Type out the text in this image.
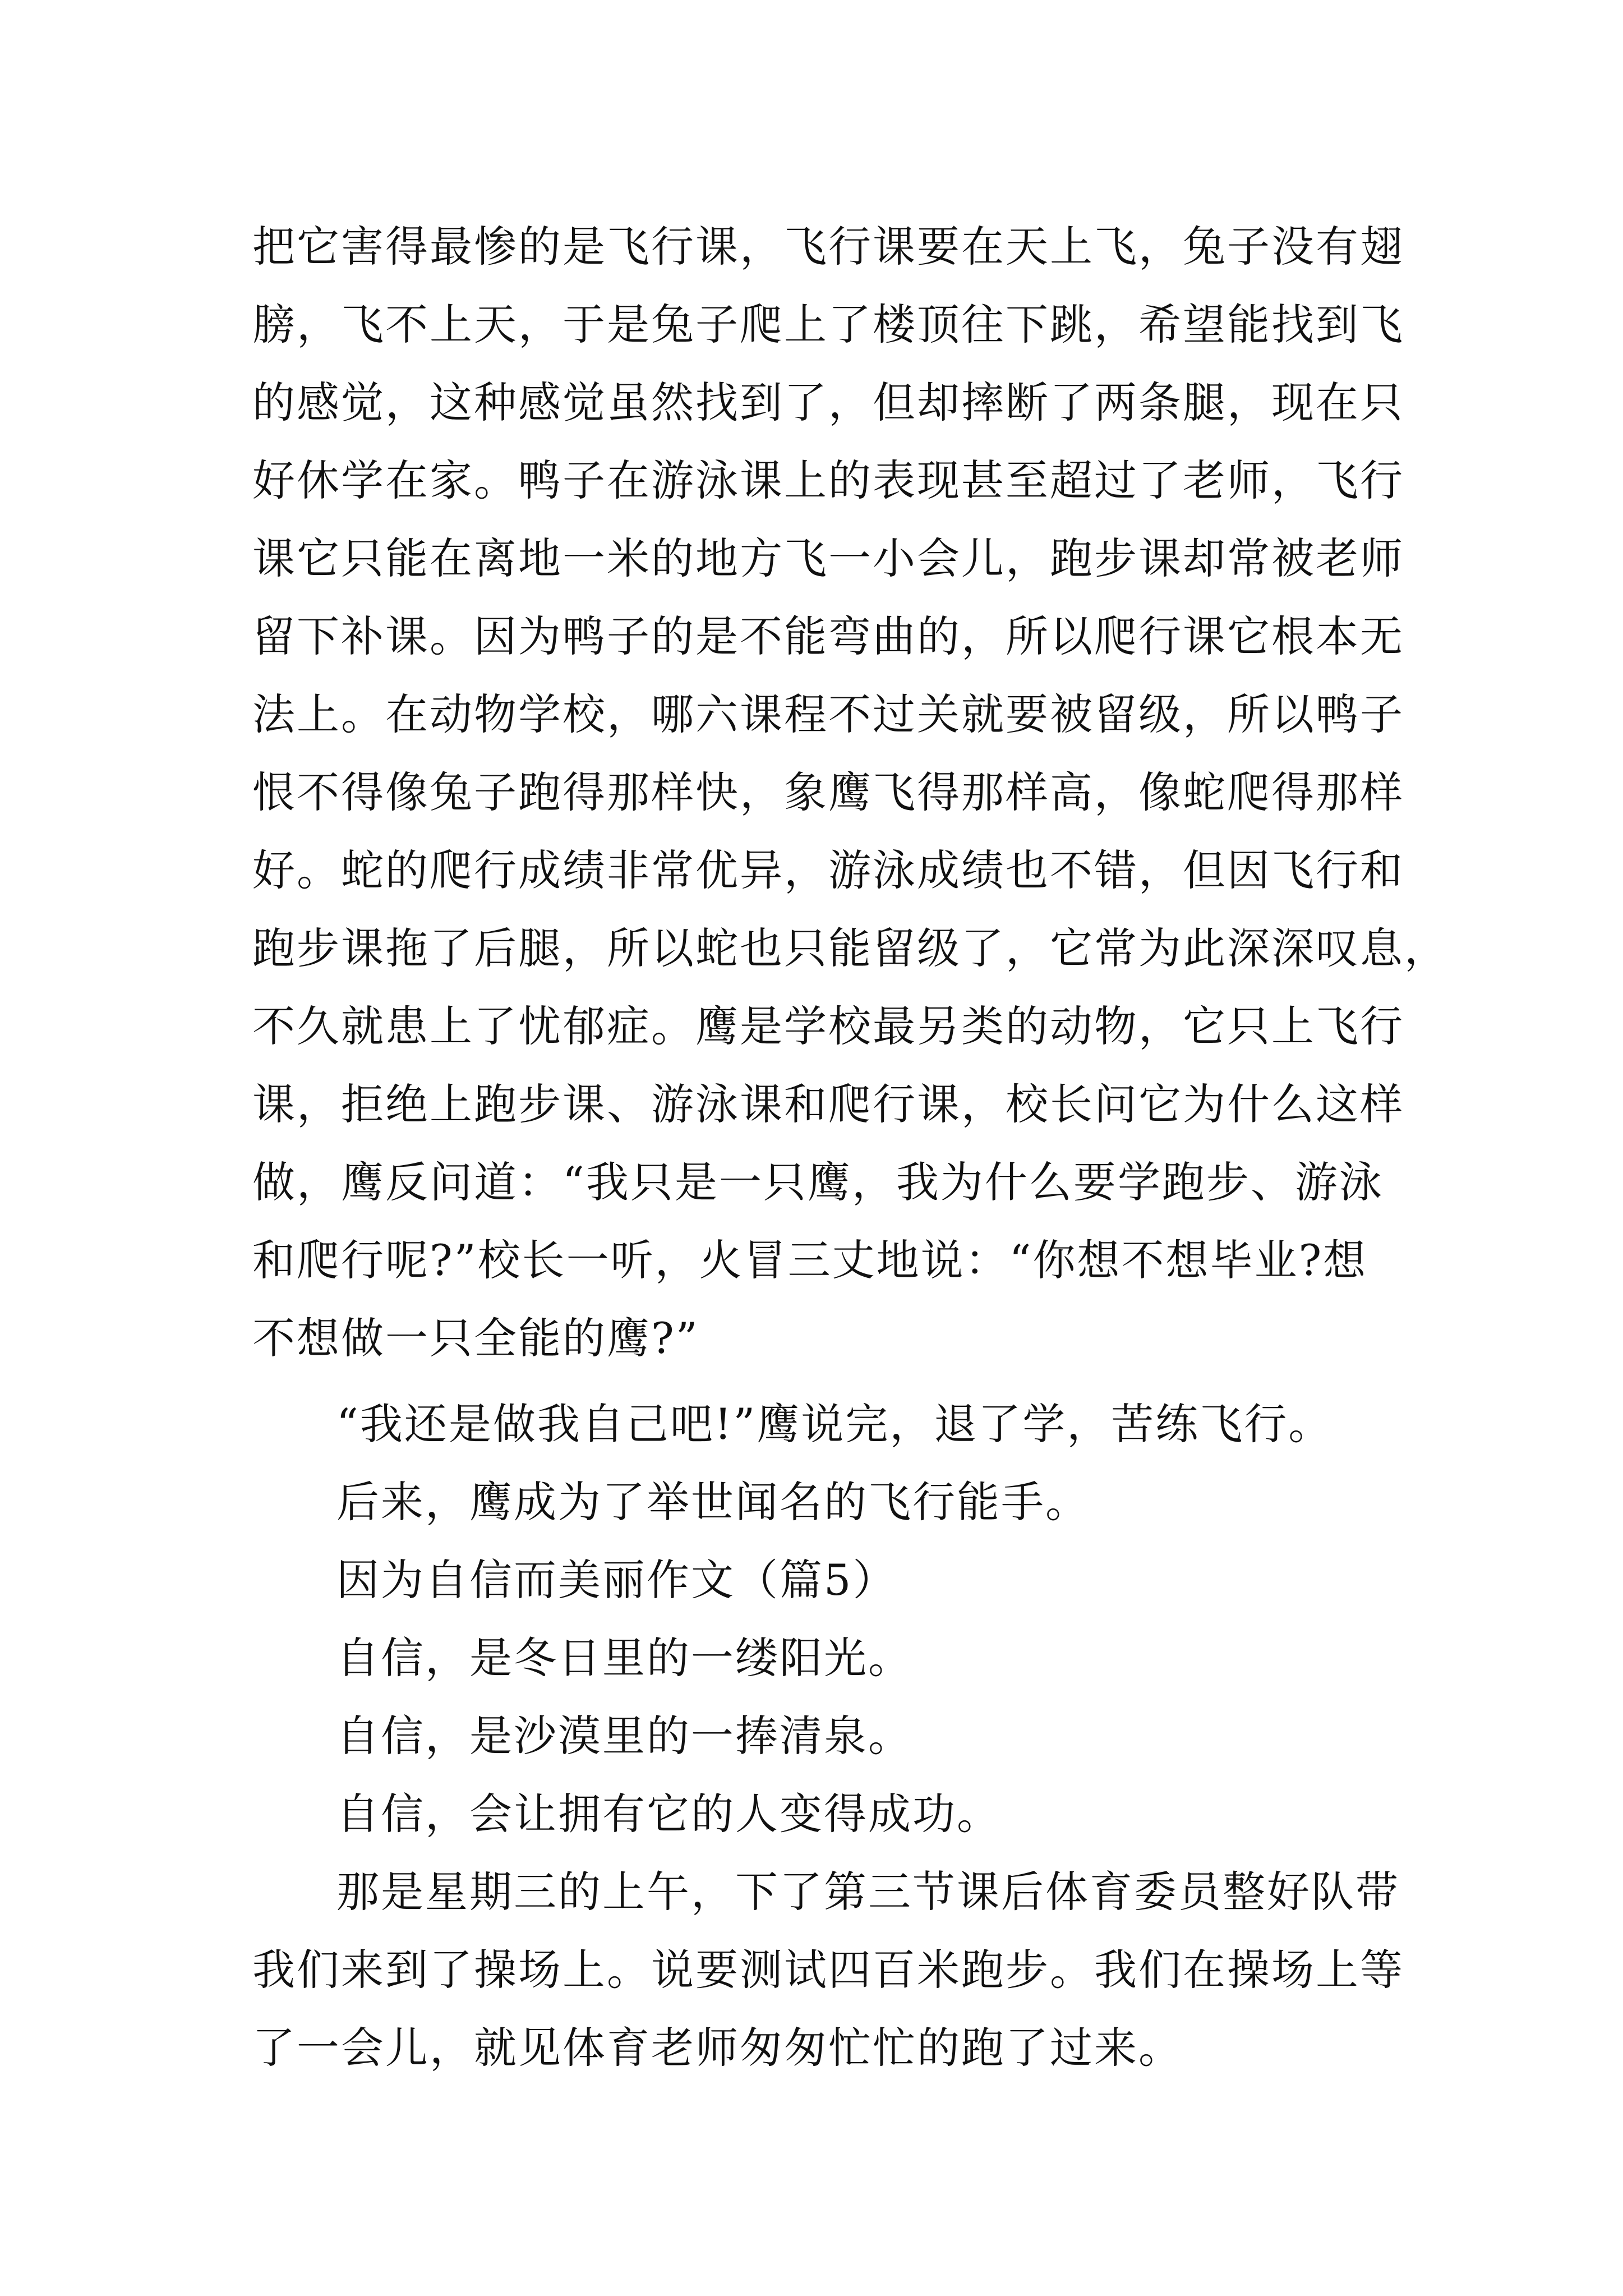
把它害得最惨的是飞行课，飞行课要在天上飞，兔子没有翅
膀，飞不上天，于是兔子爬上了楼顶往下跳，希望能找到飞
的感觉，这种感觉虽然找到了，但却摔断了两条腿，现在只
好休学在家。鸭子在游泳课上的表现甚至超过了老师，飞行
课它只能在离地一米的地方飞一小会儿，跑步课却常被老师
留下补课。因为鸭子的是不能弯曲的，所以爬行课它根本无
法上。在动物学校，哪六课程不过关就要被留级，所以鸭子
恨不得像兔子跑得那样快，象鹰飞得那样高，像蛇爬得那样
好。蛇的爬行成绩非常优异，游泳成绩也不错，但因飞行和
跑步课拖了后腿，所以蛇也只能留级了，它常为此深深叹息，
不久就患上了忧郁症。鹰是学校最另类的动物，它只上飞行
课，拒绝上跑步课、游泳课和爬行课，校长问它为什么这样
做，鹰反问道：“我只是一只鹰，我为什么要学跑步、游泳
和爬行呢?”校长一听，火冒三丈地说：“你想不想毕业?想
不想做一只全能的鹰?”

“我还是做我自己吧!”鹰说完，退了学，苦练飞行。
后来，鹰成为了举世闻名的飞行能手。
因为自信而美丽作文（篇5）
自信，是冬日里的一缕阳光。
自信，是沙漠里的一捧清泉。
自信，会让拥有它的人变得成功。

那是星期三的上午，下了第三节课后体育委员整好队带
我们来到了操场上。说要测试四百米跑步。我们在操场上等
了一会儿，就见体育老师匆匆忙忙的跑了过来。
